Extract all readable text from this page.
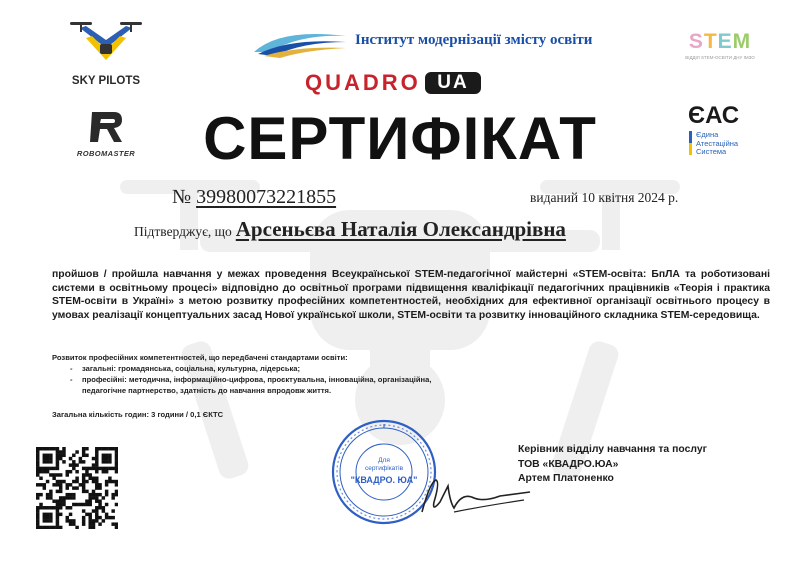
SKY PILOTS
ROBOMASTER
Інститут модернізації змісту освіти
QUADRO UA
STEM
ВІДДІЛ STEM-ОСВІТИ ДНУ ІМЗО
ЄАС
Єдина
Атестаційна
Система
СЕРТИФІКАТ
№ 39980073221855	виданий 10 квітня 2024 р.
Підтверджує, що Арсеньєва Наталія Олександрівна
пройшов / пройшла навчання у межах проведення Всеукраїнської STEM-педагогічної майстерні «STEM-освіта: БпЛА та роботизовані системи в освітньому процесі» відповідно до освітньої програми підвищення кваліфікації педагогічних працівників «Теорія і практика STEM-освіти в Україні» з метою розвитку професійних компетентностей, необхідних для ефективної організації освітнього процесу в умовах реалізації концептуальних засад Нової української школи, STEM-освіти та розвитку інноваційного складника STEM-середовища.
Розвиток професійних компетентностей, що передбачені стандартами освіти:
- загальні: громадянська, соціальна, культурна, лідерська;
- професійні: методична, інформаційно-цифрова, проєктувальна, інноваційна, організаційна, педагогічне партнерство, здатність до навчання впродовж життя.
Загальна кількість годин: 3 години / 0,1 ЄКТС
Для
сертифікатів
"КВАДРО. ЮА"
Керівник відділу навчання та послуг
ТОВ «КВАДРО.ЮА»
Артем Платоненко
